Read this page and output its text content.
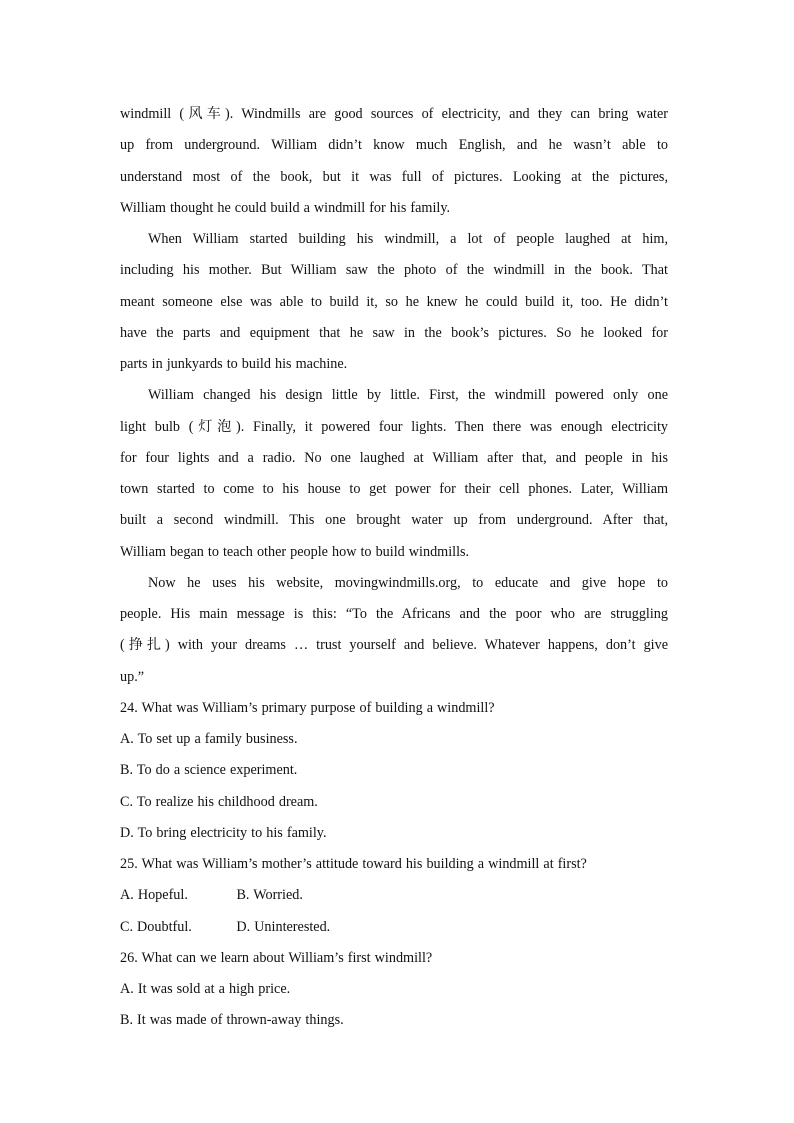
windmill (风车). Windmills are good sources of electricity, and they can bring water
up from underground. William didn’t know much English, and he wasn’t able to
understand most of the book, but it was full of pictures. Looking at the pictures,
William thought he could build a windmill for his family.
When William started building his windmill, a lot of people laughed at him,
including his mother. But William saw the photo of the windmill in the book. That
meant someone else was able to build it, so he knew he could build it, too. He didn’t
have the parts and equipment that he saw in the book’s pictures. So he looked for
parts in junkyards to build his machine.
William changed his design little by little. First, the windmill powered only one
light bulb (灯泡). Finally, it powered four lights. Then there was enough electricity
for four lights and a radio. No one laughed at William after that, and people in his
town started to come to his house to get power for their cell phones. Later, William
built a second windmill. This one brought water up from underground. After that,
William began to teach other people how to build windmills.
Now he uses his website, movingwindmills.org, to educate and give hope to
people. His main message is this: “To the Africans and the poor who are struggling
(挣扎) with your dreams … trust yourself and believe. Whatever happens, don’t give
up.”
24. What was William’s primary purpose of building a windmill?
A. To set up a family business.
B. To do a science experiment.
C. To realize his childhood dream.
D. To bring electricity to his family.
25. What was William’s mother’s attitude toward his building a windmill at first?
A. Hopeful.            B. Worried.
C. Doubtful.           D. Uninterested.
26. What can we learn about William’s first windmill?
A. It was sold at a high price.
B. It was made of thrown-away things.
